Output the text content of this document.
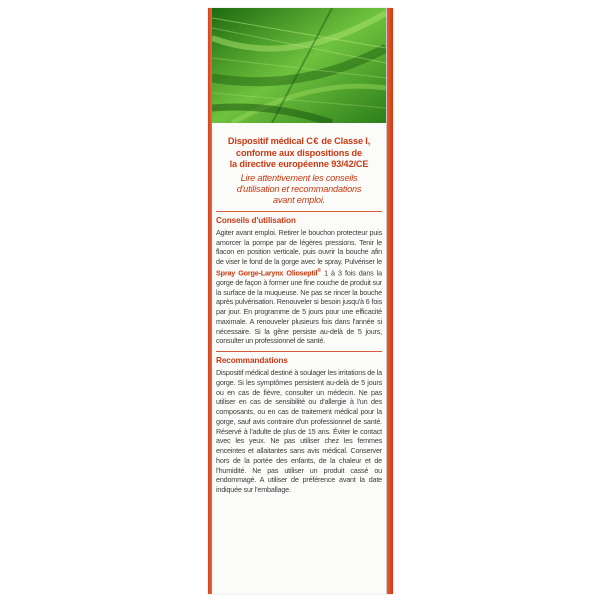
Dispositif médical C€ de Classe I,
conforme aux dispositions de
la directive européenne 93/42/CE
Lire attentivement les conseils
d'utilisation et recommandations
avant emploi.
Conseils d'utilisation
Agiter avant emploi. Retirer le bouchon protecteur puis amorcer la pompe par de légères pressions. Tenir le flacon en position verticale, puis ouvrir la bouche afin de viser le fond de la gorge avec le spray. Pulvériser le Spray Gorge-Larynx Olioseptil® 1 à 3 fois dans la gorge de façon à former une fine couche de produit sur la surface de la muqueuse. Ne pas se rincer la bouche après pulvérisation. Renouveler si besoin jusqu'à 6 fois par jour. En programme de 5 jours pour une efficacité maximale. A renouveler plusieurs fois dans l'année si nécessaire. Si la gêne persiste au-delà de 5 jours, consulter un professionnel de santé.
Recommandations
Dispositif médical destiné à soulager les irritations de la gorge. Si les symptômes persistent au-delà de 5 jours ou en cas de fièvre, consulter un médecin. Ne pas utiliser en cas de sensibilité ou d'allergie à l'un des composants, ou en cas de traitement médical pour la gorge, sauf avis contraire d'un professionnel de santé. Réservé à l'adulte de plus de 15 ans. Éviter le contact avec les yeux. Ne pas utiliser chez les femmes enceintes et allaitantes sans avis médical. Conserver hors de la portée des enfants, de la chaleur et de l'humidité. Ne pas utiliser un produit cassé ou endommagé. A utiliser de préférence avant la date indiquée sur l'emballage.
